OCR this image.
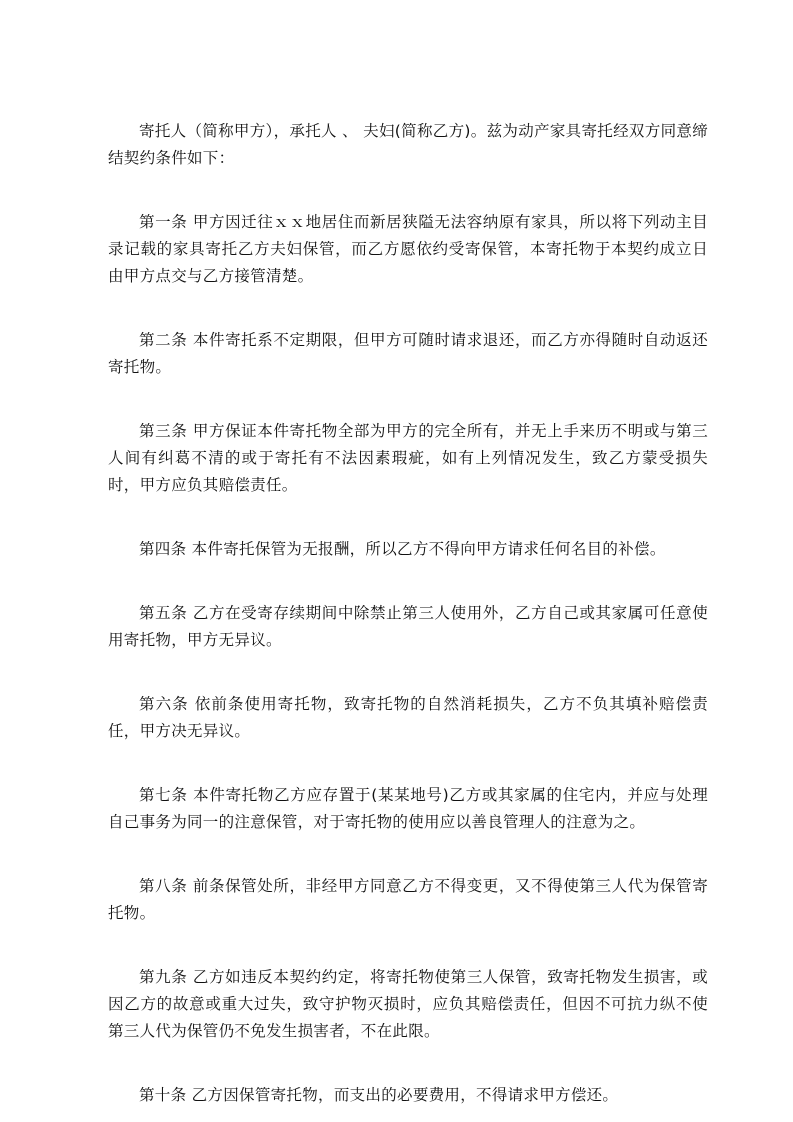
寄托人（简称甲方），承托人 、 夫妇(简称乙方)。兹为动产家具寄托经双方同意缔结契约条件如下：

第一条 甲方因迁往ｘｘ地居住而新居狭隘无法容纳原有家具，所以将下列动主目录记载的家具寄托乙方夫妇保管，而乙方愿依约受寄保管，本寄托物于本契约成立日由甲方点交与乙方接管清楚。

第二条 本件寄托系不定期限，但甲方可随时请求退还，而乙方亦得随时自动返还寄托物。

第三条 甲方保证本件寄托物全部为甲方的完全所有，并无上手来历不明或与第三人间有纠葛不清的或于寄托有不法因素瑕疵，如有上列情况发生，致乙方蒙受损失时，甲方应负其赔偿责任。

第四条 本件寄托保管为无报酬，所以乙方不得向甲方请求任何名目的补偿。

第五条 乙方在受寄存续期间中除禁止第三人使用外，乙方自己或其家属可任意使用寄托物，甲方无异议。

第六条 依前条使用寄托物，致寄托物的自然消耗损失，乙方不负其填补赔偿责任，甲方决无异议。

第七条 本件寄托物乙方应存置于(某某地号)乙方或其家属的住宅内，并应与处理自己事务为同一的注意保管，对于寄托物的使用应以善良管理人的注意为之。

第八条 前条保管处所，非经甲方同意乙方不得变更，又不得使第三人代为保管寄托物。

第九条 乙方如违反本契约约定，将寄托物使第三人保管，致寄托物发生损害，或因乙方的故意或重大过失，致守护物灭损时，应负其赔偿责任，但因不可抗力纵不使第三人代为保管仍不免发生损害者，不在此限。

第十条 乙方因保管寄托物，而支出的必要费用，不得请求甲方偿还。
